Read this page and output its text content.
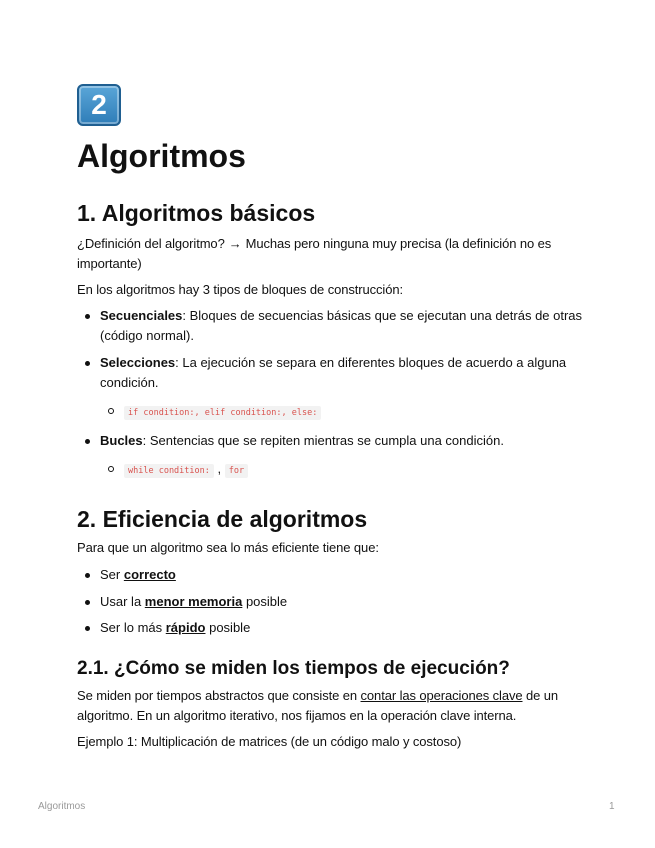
2
Algoritmos
1. Algoritmos básicos

¿Definición del algoritmo? → Muchas pero ninguna muy precisa (la definición no es importante)

En los algoritmos hay 3 tipos de bloques de construcción:

Secuenciales: Bloques de secuencias básicas que se ejecutan una detrás de otras (código normal).
Selecciones: La ejecución se separa en diferentes bloques de acuerdo a alguna condición.
if condition:, elif condition:, else:
Bucles: Sentencias que se repiten mientras se cumpla una condición.
while condition: , for
2. Eficiencia de algoritmos

Para que un algoritmo sea lo más eficiente tiene que:

Ser correcto
Usar la menor memoria posible
Ser lo más rápido posible
2.1. ¿Cómo se miden los tiempos de ejecución?

Se miden por tiempos abstractos que consiste en contar las operaciones clave de un algoritmo. En un algoritmo iterativo, nos fijamos en la operación clave interna.

Ejemplo 1: Multiplicación de matrices (de un código malo y costoso)

Algoritmos	1
